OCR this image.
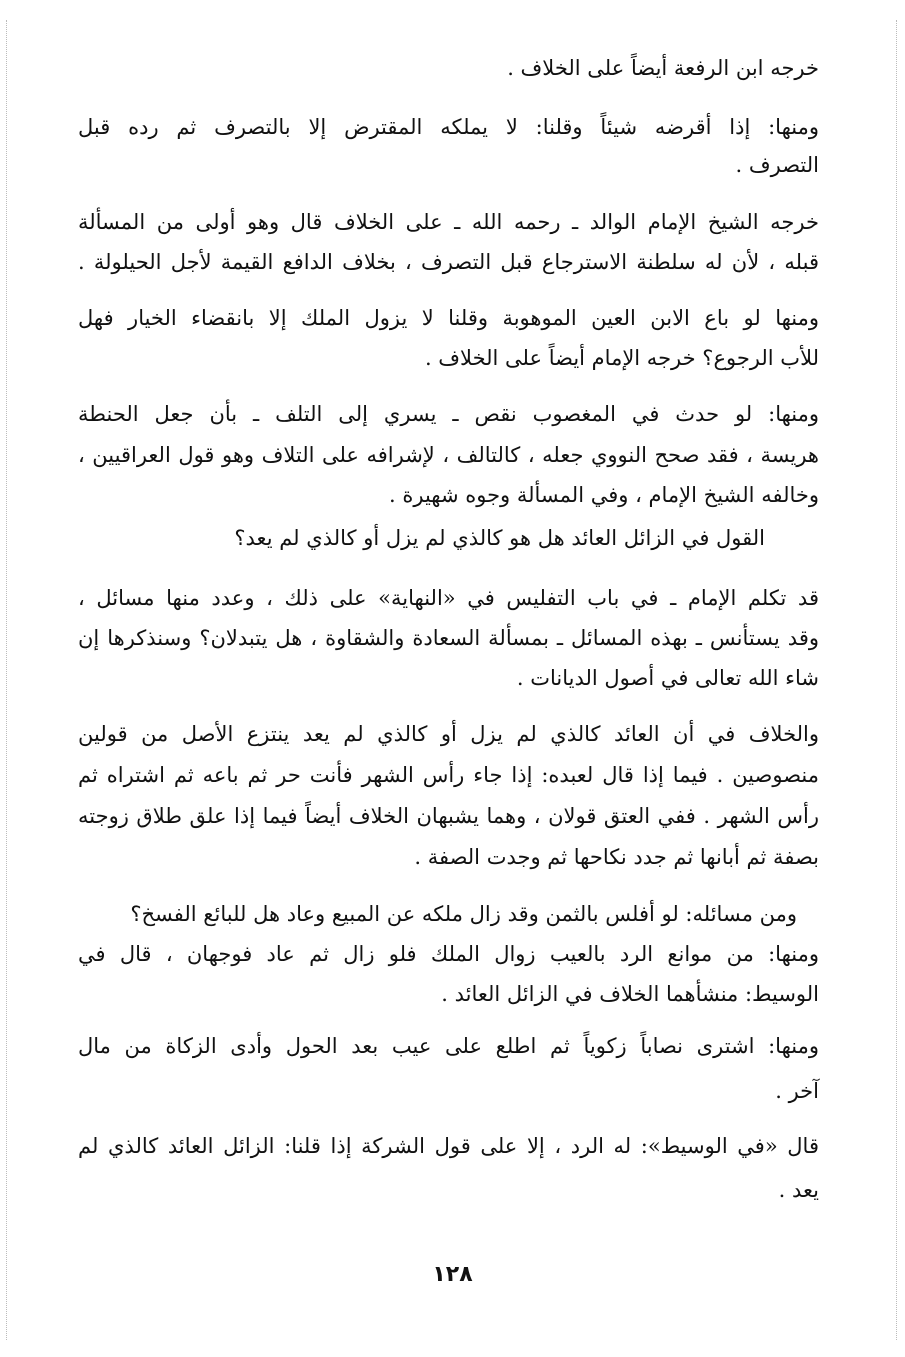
خرجه ابن الرفعة أيضاً على الخلاف .
ومنها: إذا أقرضه شيئاً وقلنا: لا يملكه المقترض إلا بالتصرف ثم رده قبل
التصرف .
خرجه الشيخ الإمام الوالد ـ رحمه الله ـ على الخلاف قال وهو أولى من المسألة
قبله ، لأن له سلطنة الاسترجاع قبل التصرف ، بخلاف الدافع القيمة لأجل الحيلولة .
ومنها لو باع الابن العين الموهوبة وقلنا لا يزول الملك إلا بانقضاء الخيار فهل
للأب الرجوع؟ خرجه الإمام أيضاً على الخلاف .
ومنها: لو حدث في المغصوب نقص ـ يسري إلى التلف ـ بأن جعل الحنطة
هريسة ، فقد صحح النووي جعله ، كالتالف ، لإشرافه على التلاف وهو قول العراقيين ،
وخالفه الشيخ الإمام ، وفي المسألة وجوه شهيرة .
القول في الزائل العائد هل هو كالذي لم يزل أو كالذي لم يعد؟
قد تكلم الإمام ـ في باب التفليس في «النهاية» على ذلك ، وعدد منها مسائل ،
وقد يستأنس ـ بهذه المسائل ـ بمسألة السعادة والشقاوة ، هل يتبدلان؟ وسنذكرها إن
شاء الله تعالى في أصول الديانات .
والخلاف في أن العائد كالذي لم يزل أو كالذي لم يعد ينتزع الأصل من قولين
منصوصين . فيما إذا قال لعبده: إذا جاء رأس الشهر فأنت حر ثم باعه ثم اشتراه ثم
رأس الشهر . ففي العتق قولان ، وهما يشبهان الخلاف أيضاً فيما إذا علق طلاق زوجته
بصفة ثم أبانها ثم جدد نكاحها ثم وجدت الصفة .
ومن مسائله: لو أفلس بالثمن وقد زال ملكه عن المبيع وعاد هل للبائع الفسخ؟
ومنها: من موانع الرد بالعيب زوال الملك فلو زال ثم عاد فوجهان ، قال في
الوسيط: منشأهما الخلاف في الزائل العائد .
ومنها: اشترى نصاباً زكوياً ثم اطلع على عيب بعد الحول وأدى الزكاة من مال
آخر .
قال «في الوسيط»: له الرد ، إلا على قول الشركة إذا قلنا: الزائل العائد كالذي لم
يعد .
١٢٨
